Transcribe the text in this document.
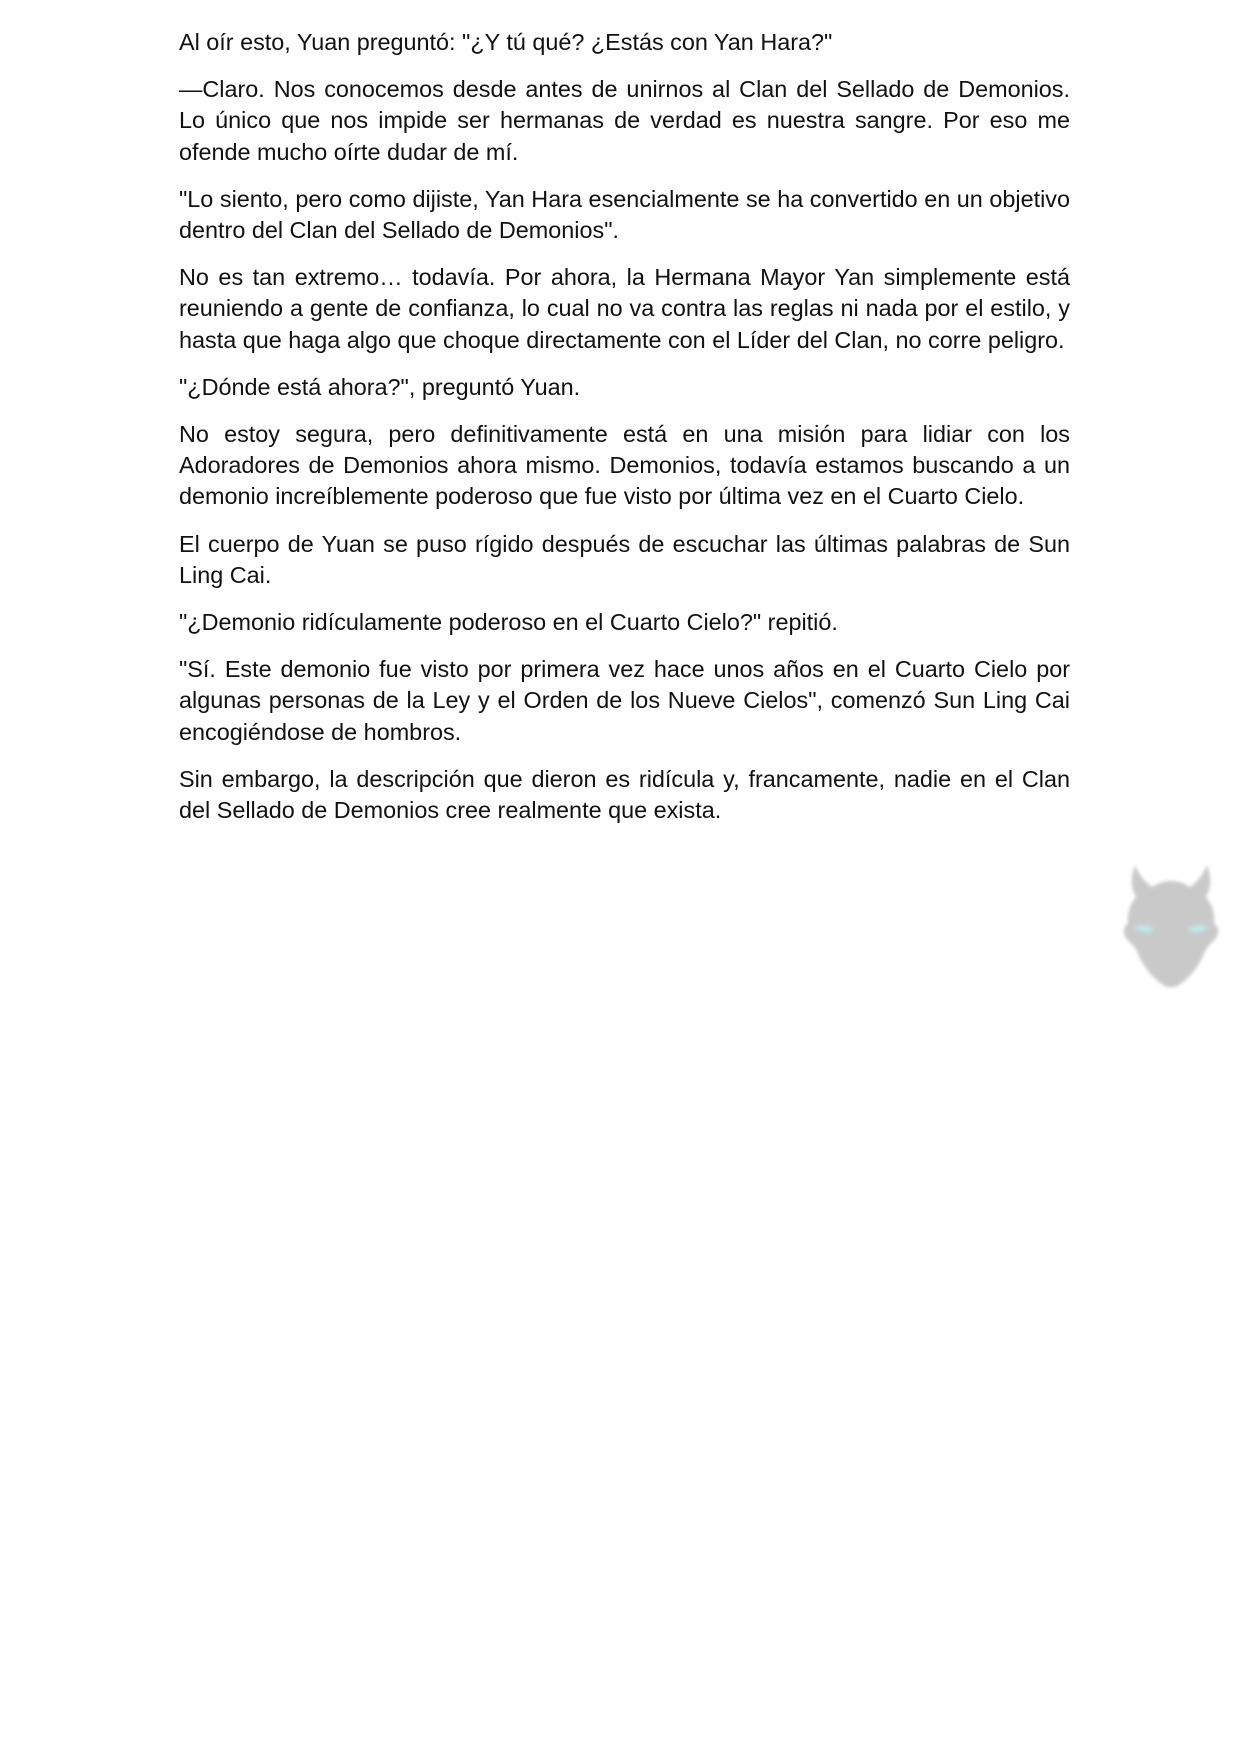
Al oír esto, Yuan preguntó: "¿Y tú qué? ¿Estás con Yan Hara?"

—Claro. Nos conocemos desde antes de unirnos al Clan del Sellado de Demonios. Lo único que nos impide ser hermanas de verdad es nuestra sangre. Por eso me ofende mucho oírte dudar de mí.

"Lo siento, pero como dijiste, Yan Hara esencialmente se ha convertido en un objetivo dentro del Clan del Sellado de Demonios".

No es tan extremo… todavía. Por ahora, la Hermana Mayor Yan simplemente está reuniendo a gente de confianza, lo cual no va contra las reglas ni nada por el estilo, y hasta que haga algo que choque directamente con el Líder del Clan, no corre peligro.

"¿Dónde está ahora?", preguntó Yuan.

No estoy segura, pero definitivamente está en una misión para lidiar con los Adoradores de Demonios ahora mismo. Demonios, todavía estamos buscando a un demonio increíblemente poderoso que fue visto por última vez en el Cuarto Cielo.

El cuerpo de Yuan se puso rígido después de escuchar las últimas palabras de Sun Ling Cai.

"¿Demonio ridículamente poderoso en el Cuarto Cielo?" repitió.

"Sí. Este demonio fue visto por primera vez hace unos años en el Cuarto Cielo por algunas personas de la Ley y el Orden de los Nueve Cielos", comenzó Sun Ling Cai encogiéndose de hombros.

Sin embargo, la descripción que dieron es ridícula y, francamente, nadie en el Clan del Sellado de Demonios cree realmente que exista.
